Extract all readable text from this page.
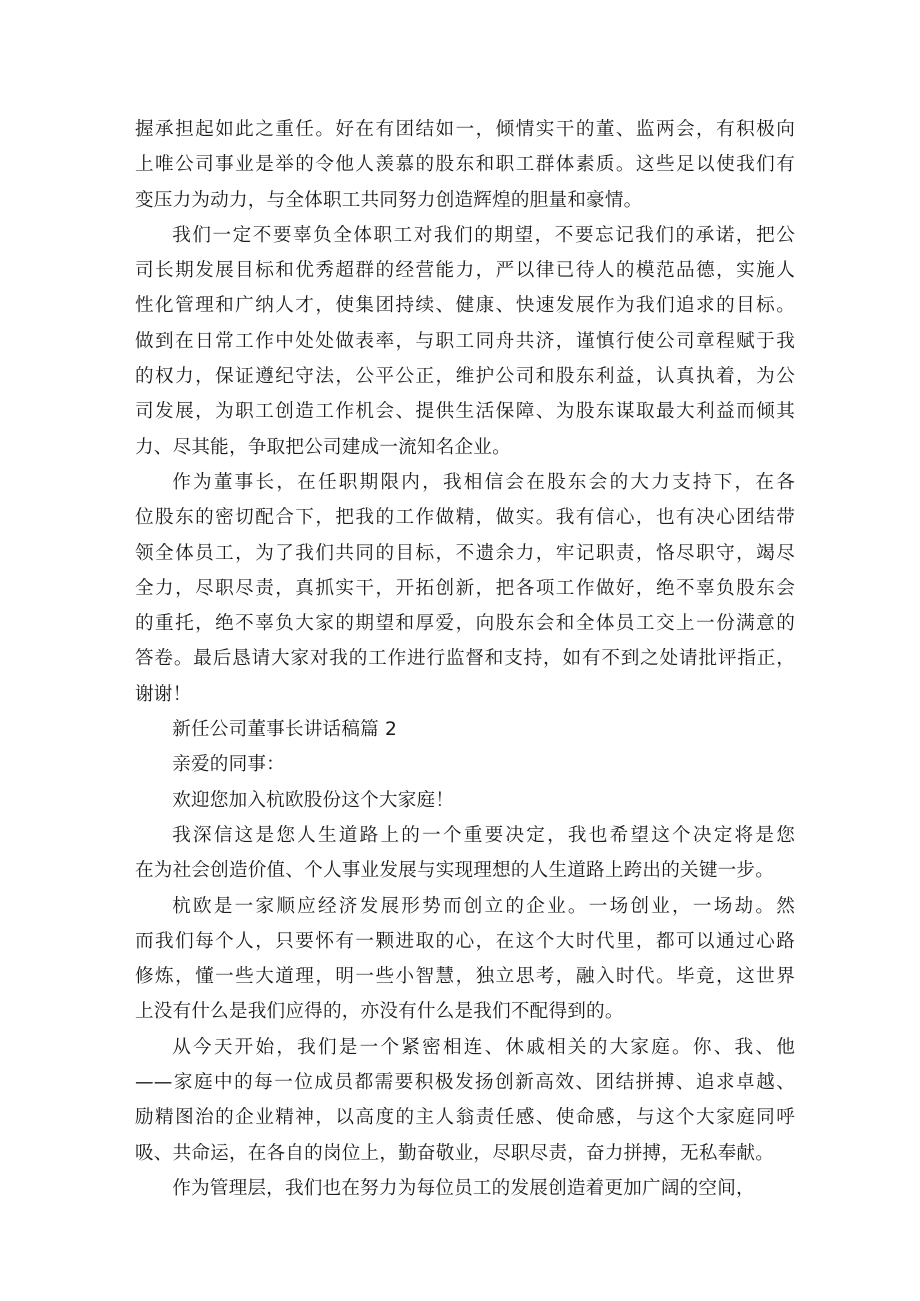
握承担起如此之重任。好在有团结如一，倾情实干的董、监两会，有积极向
上唯公司事业是举的令他人羡慕的股东和职工群体素质。这些足以使我们有
变压力为动力，与全体职工共同努力创造辉煌的胆量和豪情。
我们一定不要辜负全体职工对我们的期望，不要忘记我们的承诺，把公
司长期发展目标和优秀超群的经营能力，严以律已待人的模范品德，实施人
性化管理和广纳人才，使集团持续、健康、快速发展作为我们追求的目标。
做到在日常工作中处处做表率，与职工同舟共济，谨慎行使公司章程赋于我
的权力，保证遵纪守法，公平公正，维护公司和股东利益，认真执着，为公
司发展，为职工创造工作机会、提供生活保障、为股东谋取最大利益而倾其
力、尽其能，争取把公司建成一流知名企业。
作为董事长，在任职期限内，我相信会在股东会的大力支持下，在各
位股东的密切配合下，把我的工作做精，做实。我有信心，也有决心团结带
领全体员工，为了我们共同的目标，不遗余力，牢记职责，恪尽职守，竭尽
全力，尽职尽责，真抓实干，开拓创新，把各项工作做好，绝不辜负股东会
的重托，绝不辜负大家的期望和厚爱，向股东会和全体员工交上一份满意的
答卷。最后恳请大家对我的工作进行监督和支持，如有不到之处请批评指正，
谢谢！
新任公司董事长讲话稿篇 2
亲爱的同事：
欢迎您加入杭欧股份这个大家庭！
我深信这是您人生道路上的一个重要决定，我也希望这个决定将是您
在为社会创造价值、个人事业发展与实现理想的人生道路上跨出的关键一步。
杭欧是一家顺应经济发展形势而创立的企业。一场创业，一场劫。然
而我们每个人，只要怀有一颗进取的心，在这个大时代里，都可以通过心路
修炼，懂一些大道理，明一些小智慧，独立思考，融入时代。毕竟，这世界
上没有什么是我们应得的，亦没有什么是我们不配得到的。
从今天开始，我们是一个紧密相连、休戚相关的大家庭。你、我、他
——家庭中的每一位成员都需要积极发扬创新高效、团结拼搏、追求卓越、
励精图治的企业精神，以高度的主人翁责任感、使命感，与这个大家庭同呼
吸、共命运，在各自的岗位上，勤奋敬业，尽职尽责，奋力拼搏，无私奉献。
作为管理层，我们也在努力为每位员工的发展创造着更加广阔的空间，
